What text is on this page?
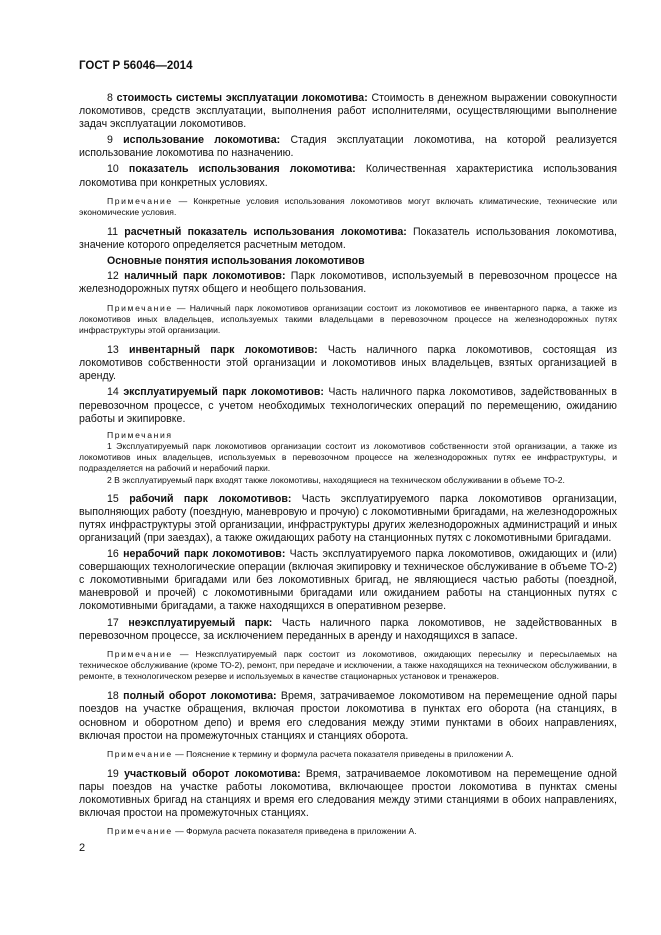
ГОСТ Р 56046—2014

8 стоимость системы эксплуатации локомотива: Стоимость в денежном выражении совокупности локомотивов, средств эксплуатации, выполнения работ исполнителями, осуществляющими выполнение задач эксплуатации локомотивов.

9 использование локомотива: Стадия эксплуатации локомотива, на которой реализуется использование локомотива по назначению.

10 показатель использования локомотива: Количественная характеристика использования локомотива при конкретных условиях.

Примечание — Конкретные условия использования локомотивов могут включать климатические, технические или экономические условия.

11 расчетный показатель использования локомотива: Показатель использования локомотива, значение которого определяется расчетным методом.

Основные понятия использования локомотивов

12 наличный парк локомотивов: Парк локомотивов, используемый в перевозочном процессе на железнодорожных путях общего и необщего пользования.

Примечание — Наличный парк локомотивов организации состоит из локомотивов ее инвентарного парка, а также из локомотивов иных владельцев, используемых такими владельцами в перевозочном процессе на железнодорожных путях инфраструктуры этой организации.

13 инвентарный парк локомотивов: Часть наличного парка локомотивов, состоящая из локомотивов собственности этой организации и локомотивов иных владельцев, взятых организацией в аренду.

14 эксплуатируемый парк локомотивов: Часть наличного парка локомотивов, задействованных в перевозочном процессе, с учетом необходимых технологических операций по перемещению, ожиданию работы и экипировке.

Примечания

1 Эксплуатируемый парк локомотивов организации состоит из локомотивов собственности этой организации, а также из локомотивов иных владельцев, используемых в перевозочном процессе на железнодорожных путях ее инфраструктуры, и подразделяется на рабочий и нерабочий парки.

2 В эксплуатируемый парк входят также локомотивы, находящиеся на техническом обслуживании в объеме ТО-2.

15 рабочий парк локомотивов: Часть эксплуатируемого парка локомотивов организации, выполняющих работу (поездную, маневровую и прочую) с локомотивными бригадами, на железнодорожных путях инфраструктуры этой организации, инфраструктуры других железнодорожных администраций и иных организаций (при заездах), а также ожидающих работу на станционных путях с локомотивными бригадами.

16 нерабочий парк локомотивов: Часть эксплуатируемого парка локомотивов, ожидающих и (или) совершающих технологические операции (включая экипировку и техническое обслуживание в объеме ТО-2) с локомотивными бригадами или без локомотивных бригад, не являющиеся частью работы (поездной, маневровой и прочей) с локомотивными бригадами или ожиданием работы на станционных путях с локомотивными бригадами, а также находящихся в оперативном резерве.

17 неэксплуатируемый парк: Часть наличного парка локомотивов, не задействованных в перевозочном процессе, за исключением переданных в аренду и находящихся в запасе.

Примечание — Неэксплуатируемый парк состоит из локомотивов, ожидающих пересылку и пересылаемых на техническое обслуживание (кроме ТО-2), ремонт, при передаче и исключении, а также находящихся на техническом обслуживании, в ремонте, в технологическом резерве и используемых в качестве стационарных установок и тренажеров.

18 полный оборот локомотива: Время, затрачиваемое локомотивом на перемещение одной пары поездов на участке обращения, включая простои локомотива в пунктах его оборота (на станциях, в основном и оборотном депо) и время его следования между этими пунктами в обоих направлениях, включая простои на промежуточных станциях и станциях оборота.

Примечание — Пояснение к термину и формула расчета показателя приведены в приложении А.

19 участковый оборот локомотива: Время, затрачиваемое локомотивом на перемещение одной пары поездов на участке работы локомотива, включающее простои локомотива в пунктах смены локомотивных бригад на станциях и время его следования между этими станциями в обоих направлениях, включая простои на промежуточных станциях.

Примечание — Формула расчета показателя приведена в приложении А.

2
